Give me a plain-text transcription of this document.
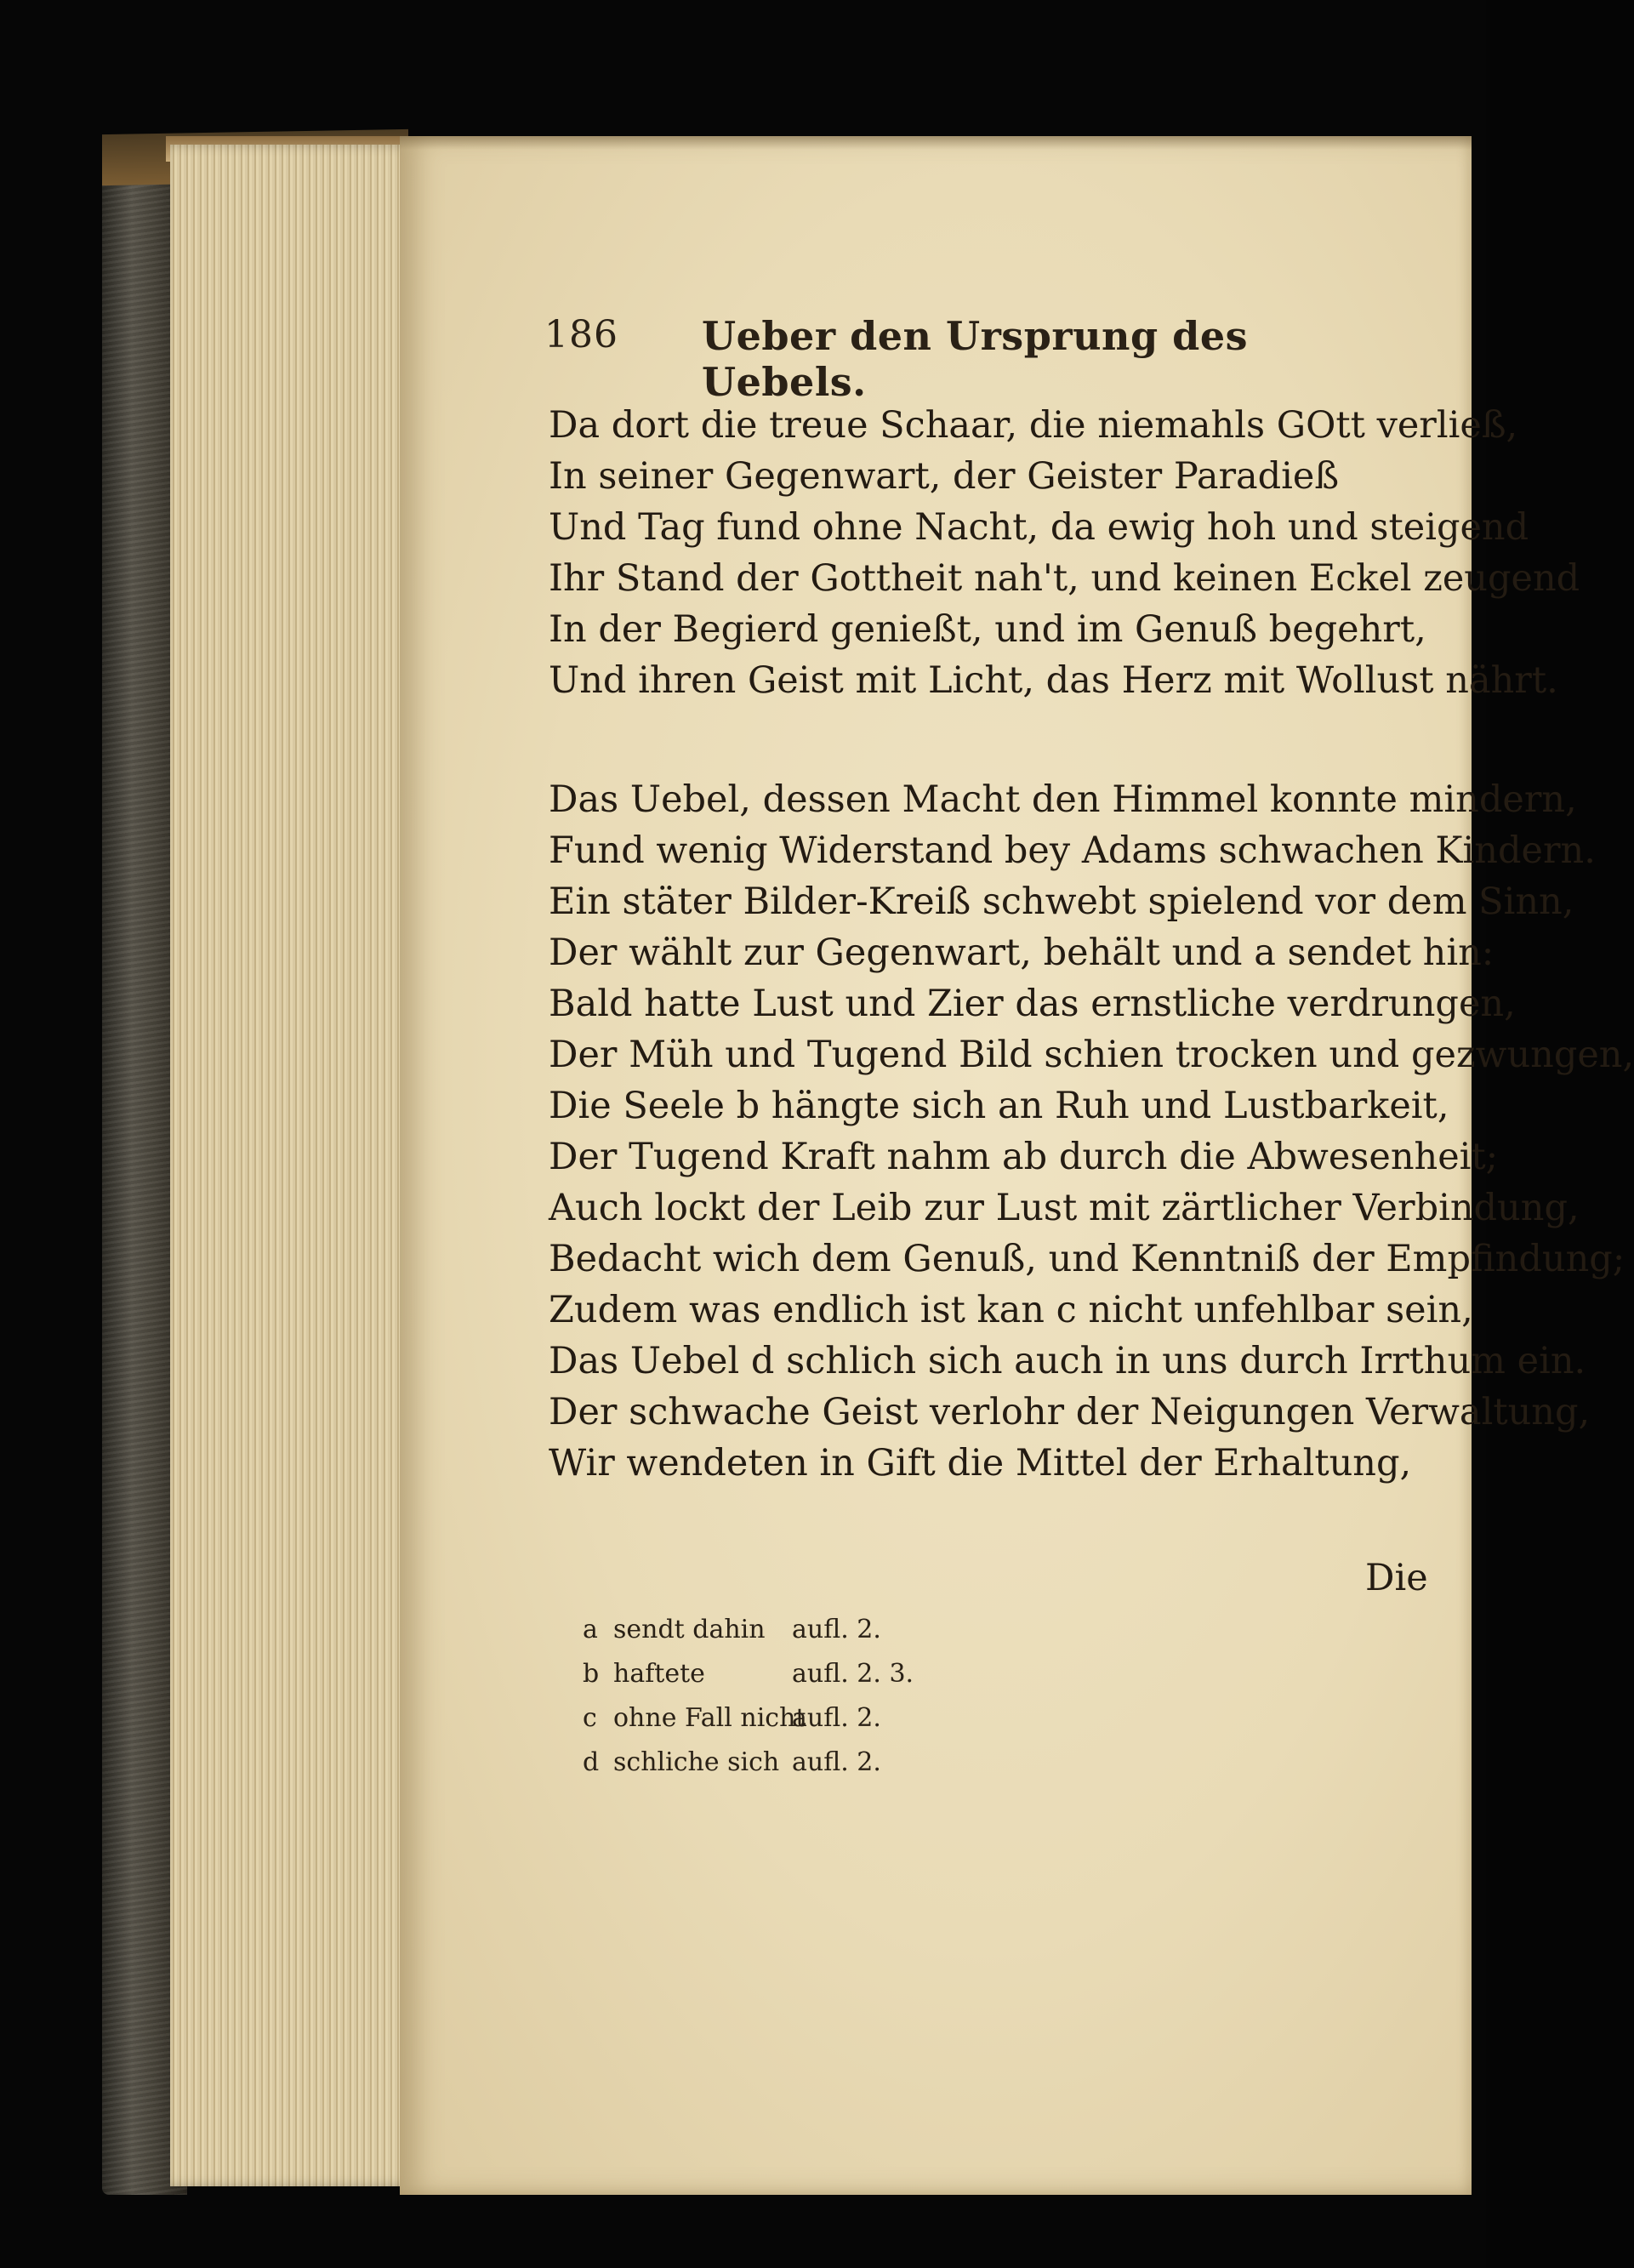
186 Ueber den Ursprung des Uebels.
Da dort die treue Schaar, die niemahls GOtt verließ,
In seiner Gegenwart, der Geister Paradieß
Und Tag fund ohne Nacht, da ewig hoh und steigend
Ihr Stand der Gottheit nah't, und keinen Eckel zeugend
In der Begierd genießt, und im Genuß begehrt,
Und ihren Geist mit Licht, das Herz mit Wollust nährt.
Das Uebel, dessen Macht den Himmel konnte mindern,
Fund wenig Widerstand bey Adams schwachen Kindern.
Ein stäter Bilder-Kreiß schwebt spielend vor dem Sinn,
Der wählt zur Gegenwart, behält und a sendet hin:
Bald hatte Lust und Zier das ernstliche verdrungen,
Der Müh und Tugend Bild schien trocken und gezwungen,
Die Seele b hängte sich an Ruh und Lustbarkeit,
Der Tugend Kraft nahm ab durch die Abwesenheit;
Auch lockt der Leib zur Lust mit zärtlicher Verbindung,
Bedacht wich dem Genuß, und Kenntniß der Empfindung;
Zudem was endlich ist kan c nicht unfehlbar sein,
Das Uebel d schlich sich auch in uns durch Irrthum ein.
Der schwache Geist verlohr der Neigungen Verwaltung,
Wir wendeten in Gift die Mittel der Erhaltung,
Die
a sendt dahin aufl. 2.
b haftete	aufl. 2. 3.
c ohne Fall nichtaufl. 2.
d schliche sich aufl. 2.
